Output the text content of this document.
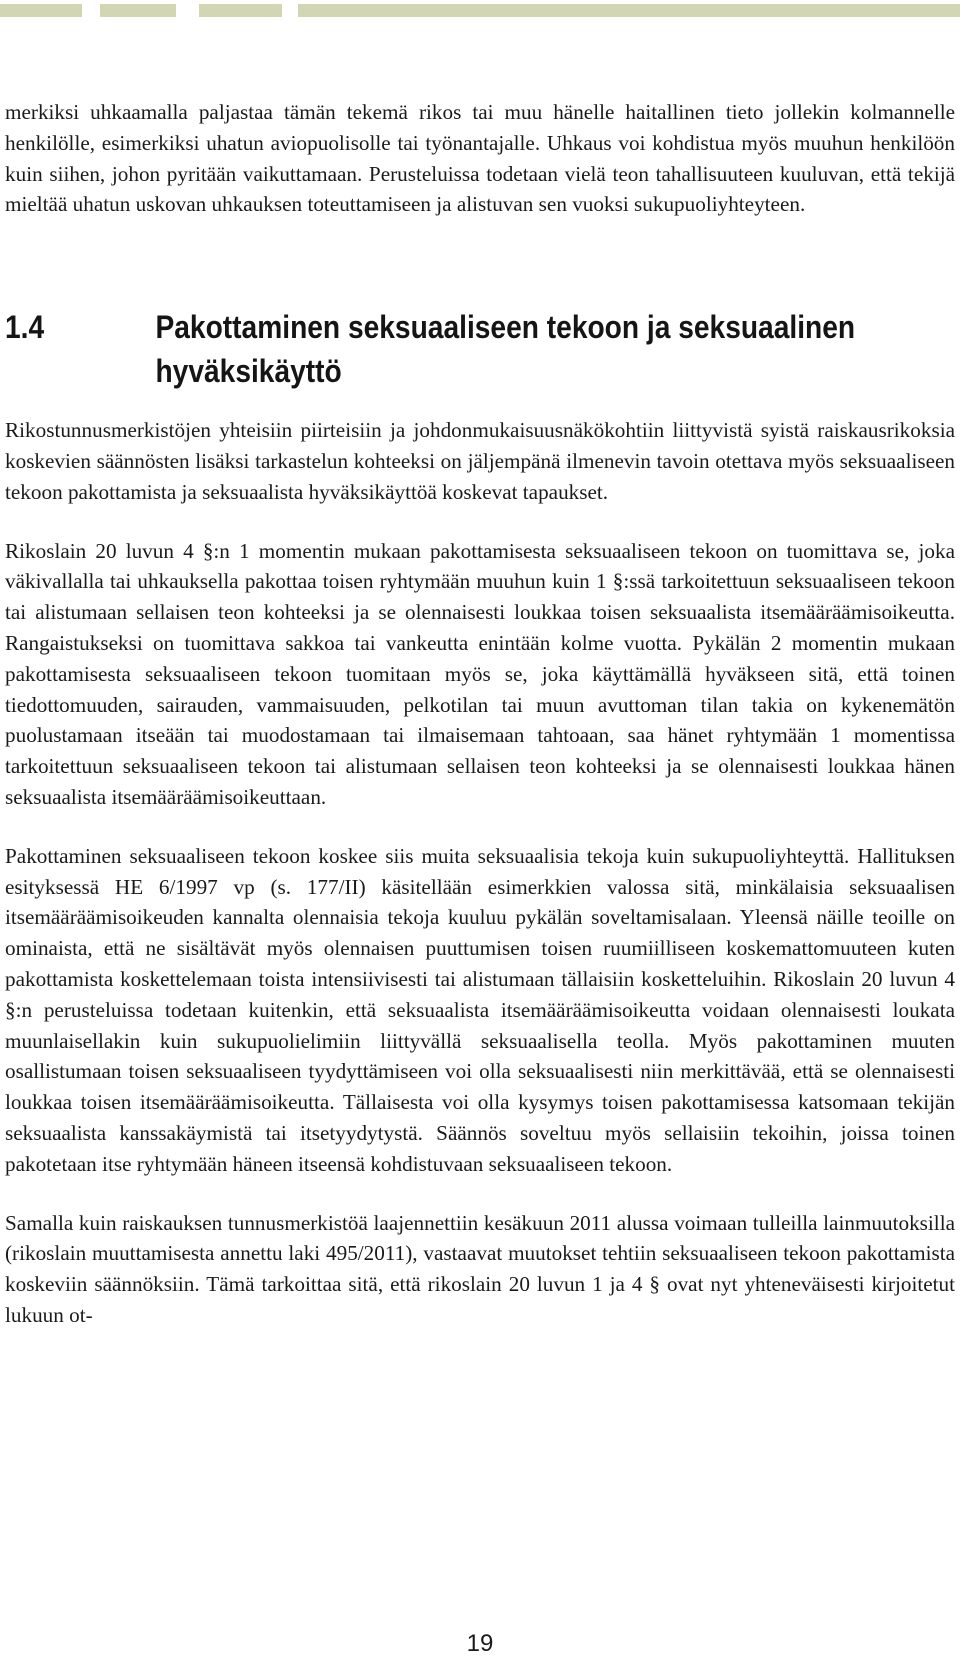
merkiksi uhkaamalla paljastaa tämän tekemä rikos tai muu hänelle haitallinen tieto jollekin kolmannelle henkilölle, esimerkiksi uhatun aviopuolisolle tai työnantajalle. Uhkaus voi kohdistua myös muuhun henkilöön kuin siihen, johon pyritään vaikuttamaan. Perusteluissa todetaan vielä teon tahallisuuteen kuuluvan, että tekijä mieltää uhatun uskovan uhkauksen toteuttamiseen ja alistuvan sen vuoksi sukupuoliyhteyteen.

1.4	Pakottaminen seksuaaliseen tekoon ja seksuaalinen hyväksikäyttö

Rikostunnusmerkistöjen yhteisiin piirteisiin ja johdonmukaisuusnäkökohtiin liittyvistä syistä raiskausrikoksia koskevien säännösten lisäksi tarkastelun kohteeksi on jäljempänä ilmenevin tavoin otettava myös seksuaaliseen tekoon pakottamista ja seksuaalista hyväksikäyttöä koskevat tapaukset.

Rikoslain 20 luvun 4 §:n 1 momentin mukaan pakottamisesta seksuaaliseen tekoon on tuomittava se, joka väkivallalla tai uhkauksella pakottaa toisen ryhtymään muuhun kuin 1 §:ssä tarkoitettuun seksuaaliseen tekoon tai alistumaan sellaisen teon kohteeksi ja se olennaisesti loukkaa toisen seksuaalista itsemääräämisoikeutta. Rangaistukseksi on tuomittava sakkoa tai vankeutta enintään kolme vuotta. Pykälän 2 momentin mukaan pakottamisesta seksuaaliseen tekoon tuomitaan myös se, joka käyttämällä hyväkseen sitä, että toinen tiedottomuuden, sairauden, vammaisuuden, pelkotilan tai muun avuttoman tilan takia on kykenemätön puolustamaan itseään tai muodostamaan tai ilmaisemaan tahtoaan, saa hänet ryhtymään 1 momentissa tarkoitettuun seksuaaliseen tekoon tai alistumaan sellaisen teon kohteeksi ja se olennaisesti loukkaa hänen seksuaalista itsemääräämisoikeuttaan.

Pakottaminen seksuaaliseen tekoon koskee siis muita seksuaalisia tekoja kuin sukupuoliyhteyttä. Hallituksen esityksessä HE 6/1997 vp (s. 177/II) käsitellään esimerkkien valossa sitä, minkälaisia seksuaalisen itsemääräämisoikeuden kannalta olennaisia tekoja kuuluu pykälän soveltamisalaan. Yleensä näille teoille on ominaista, että ne sisältävät myös olennaisen puuttumisen toisen ruumiilliseen koskemattomuuteen kuten pakottamista koskettelemaan toista intensiivisesti tai alistumaan tällaisiin kosketteluihin. Rikoslain 20 luvun 4 §:n perusteluissa todetaan kuitenkin, että seksuaalista itsemääräämisoikeutta voidaan olennaisesti loukata muunlaisellakin kuin sukupuolielimiin liittyvällä seksuaalisella teolla. Myös pakottaminen muuten osallistumaan toisen seksuaaliseen tyydyttämiseen voi olla seksuaalisesti niin merkittävää, että se olennaisesti loukkaa toisen itsemääräämisoikeutta. Tällaisesta voi olla kysymys toisen pakottamisessa katsomaan tekijän seksuaalista kanssakäymistä tai itsetyydytystä. Säännös soveltuu myös sellaisiin tekoihin, joissa toinen pakotetaan itse ryhtymään häneen itseensä kohdistuvaan seksuaaliseen tekoon.

Samalla kuin raiskauksen tunnusmerkistöä laajennettiin kesäkuun 2011 alussa voimaan tulleilla lainmuutoksilla (rikoslain muuttamisesta annettu laki 495/2011), vastaavat muutokset tehtiin seksuaaliseen tekoon pakottamista koskeviin säännöksiin. Tämä tarkoittaa sitä, että rikoslain 20 luvun 1 ja 4 § ovat nyt yhteneväisesti kirjoitetut lukuun ot-

19
